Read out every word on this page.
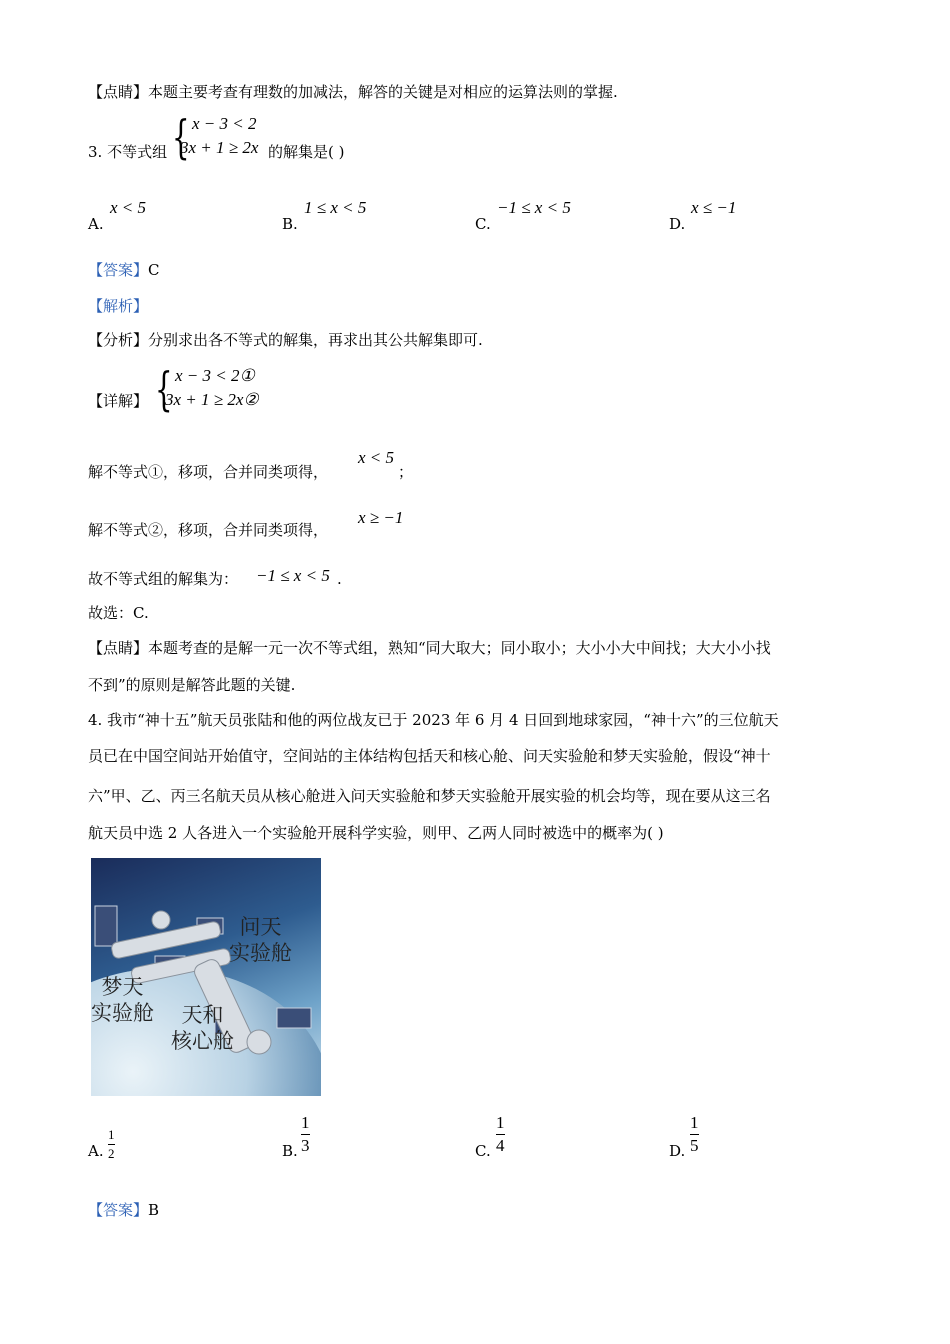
【点睛】本题主要考查有理数的加减法，解答的关键是对相应的运算法则的掌握.
3. 不等式组 { x − 3 < 2
3x + 1 ≥ 2x 的解集是( )
A.
x < 5
B.
1 ≤ x < 5
C.
−1 ≤ x < 5
D.
x ≤ −1
【答案】C
【解析】
【分析】分别求出各不等式的解集，再求出其公共解集即可.
【详解】 { x − 3 < 2①
3x + 1 ≥ 2x②
解不等式①，移项，合并同类项得，
x < 5
；
解不等式②，移项，合并同类项得，
x ≥ −1
故不等式组的解集为： −1 ≤ x < 5 .
故选：C.
【点睛】本题考查的是解一元一次不等式组，熟知“同大取大；同小取小；大小小大中间找；大大小小找
不到”的原则是解答此题的关键.
4. 我市“神十五”航天员张陆和他的两位战友已于 2023 年 6 月 4 日回到地球家园，“神十六”的三位航天
员已在中国空间站开始值守，空间站的主体结构包括天和核心舱、问天实验舱和梦天实验舱，假设“神十
六”甲、乙、丙三名航天员从核心舱进入问天实验舱和梦天实验舱开展实验的机会均等，现在要从这三名
航天员中选 2 人各进入一个实验舱开展科学实验，则甲、乙两人同时被选中的概率为( )
问天
实验舱
梦天
实验舱	天和
核心舱
A.
1
2	B.
1
3	C.
1
4	D.
1
5
【答案】B
